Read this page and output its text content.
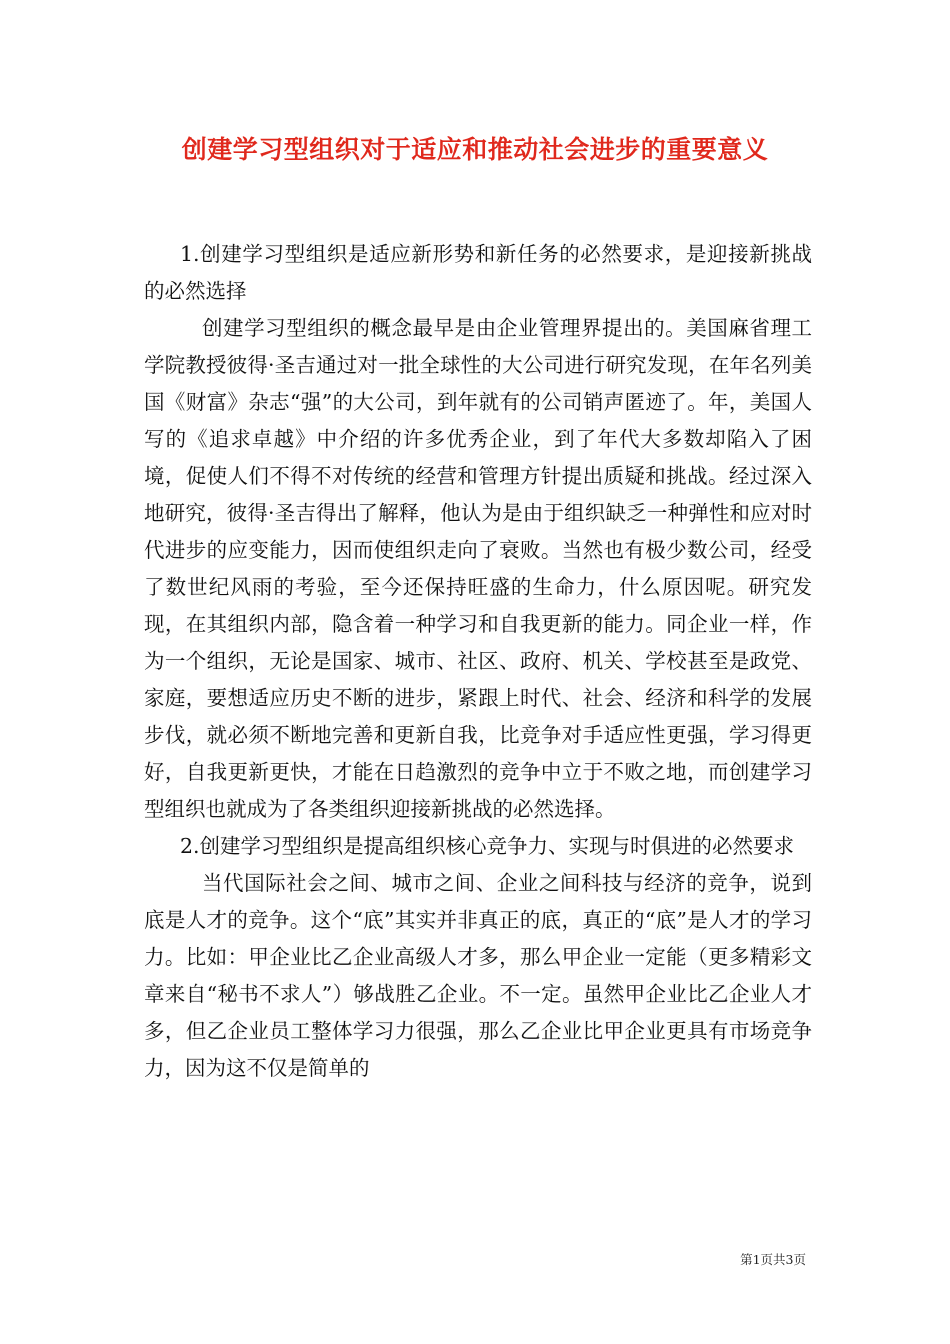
创建学习型组织对于适应和推动社会进步的重要意义

1.创建学习型组织是适应新形势和新任务的必然要求，是迎接新挑战的必然选择

创建学习型组织的概念最早是由企业管理界提出的。美国麻省理工学院教授彼得·圣吉通过对一批全球性的大公司进行研究发现，在年名列美国《财富》杂志“强”的大公司，到年就有的公司销声匿迹了。年，美国人写的《追求卓越》中介绍的许多优秀企业，到了年代大多数却陷入了困境，促使人们不得不对传统的经营和管理方针提出质疑和挑战。经过深入地研究，彼得·圣吉得出了解释，他认为是由于组织缺乏一种弹性和应对时代进步的应变能力，因而使组织走向了衰败。当然也有极少数公司，经受了数世纪风雨的考验，至今还保持旺盛的生命力，什么原因呢。研究发现，在其组织内部，隐含着一种学习和自我更新的能力。同企业一样，作为一个组织，无论是国家、城市、社区、政府、机关、学校甚至是政党、家庭，要想适应历史不断的进步，紧跟上时代、社会、经济和科学的发展步伐，就必须不断地完善和更新自我，比竞争对手适应性更强，学习得更好，自我更新更快，才能在日趋激烈的竞争中立于不败之地，而创建学习型组织也就成为了各类组织迎接新挑战的必然选择。

2.创建学习型组织是提高组织核心竞争力、实现与时俱进的必然要求

当代国际社会之间、城市之间、企业之间科技与经济的竞争，说到底是人才的竞争。这个“底”其实并非真正的底，真正的“底”是人才的学习力。比如：甲企业比乙企业高级人才多，那么甲企业一定能（更多精彩文章来自“秘书不求人”）够战胜乙企业。不一定。虽然甲企业比乙企业人才多，但乙企业员工整体学习力很强，那么乙企业比甲企业更具有市场竞争力，因为这不仅是简单的

第1页共3页
